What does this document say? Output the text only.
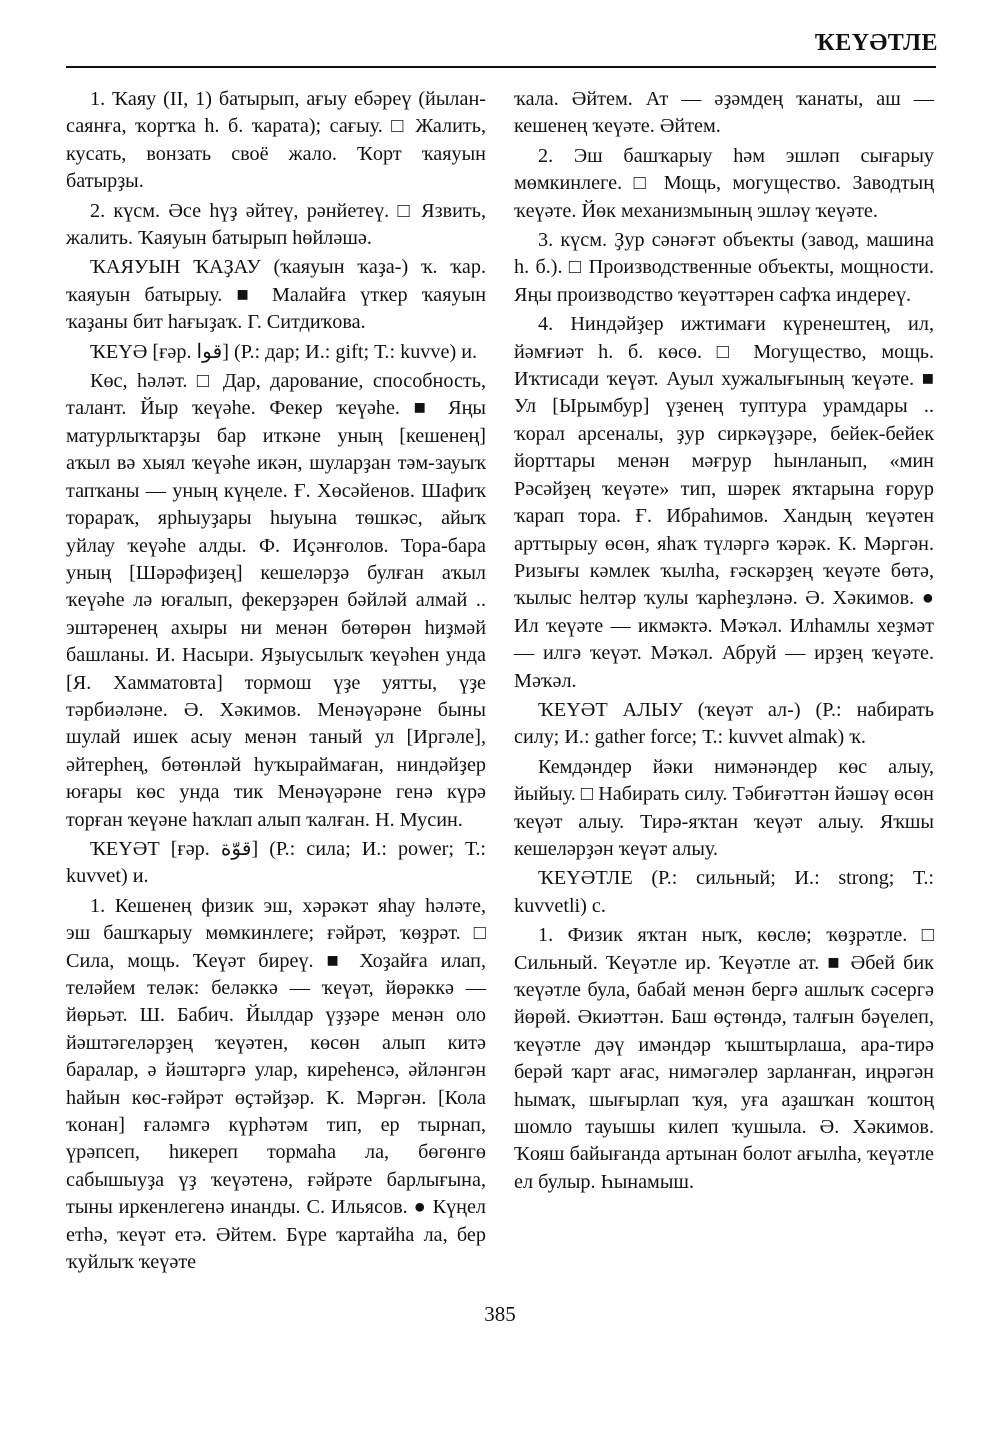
ҠЕҮӘТЛЕ

1. Ҡаяу (II, 1) батырып, ағыу ебәреү (йылан-саянға, ҡортҡа һ. б. ҡарата); сағыу. □ Жалить, кусать, вонзать своё жало. Ҡорт ҡаяуын батырҙы.

2. күсм. Әсе һүҙ әйтеү, рәнйетеү. □ Язвить, жалить. Ҡаяуын батырып һөйләшә.

ҠАЯУЫН ҠАҘАУ (ҡаяуын ҡаҙа-) ҡ. ҡар. ҡаяуын батырыу. ■ Малайға үткер ҡаяуын ҡаҙаны бит һағыҙаҡ. Г. Ситдиҡова.

ҠЕҮӘ [ғәр. قوا] (Р.: дар; И.: gift; Т.: kuvve) и.

Көс, һәләт. □ Дар, дарование, способность, талант. Йыр ҡеүәһе. Фекер ҡеүәһе. ■ Яңы матурлыҡтарҙы бар иткәне уның [кешенең] аҡыл вә хыял ҡеүәһе икән, шуларҙан тәм-зауыҡ тапҡаны — уның күңеле. Ғ. Хөсәйенов. Шафиҡ торараҡ, ярһыуҙары һыуына төшкәс, айыҡ уйлау ҡеүәһе алды. Ф. Иҫәнғолов. Тора-бара уның [Шәрәфиҙең] кешеләрҙә булған аҡыл ҡеүәһе лә юғалып, фекерҙәрен бәйләй алмай .. эштәренең ахыры ни менән бөтөрөн һиҙмәй башланы. И. Насыри. Яҙыусылыҡ ҡеүәһен унда [Я. Хамматовта] тормош үҙе уятты, үҙе тәрбиәләне. Ә. Хәкимов. Менәүәрәне быны шулай ишек асыу менән таный ул [Иргәле], әйтерһең, бөтөнләй һуҡыраймаған, ниндәйҙер юғары көс унда тик Менәүәрәне генә күрә торған ҡеүәне һаҡлап алып ҡалған. Н. Мусин.

ҠЕҮӘТ [ғәр. قوّة] (Р.: сила; И.: power; Т.: kuvvet) и.

1. Кешенең физик эш, хәрәкәт яһау һәләте, эш башҡарыу мөмкинлеге; ғәйрәт, ҡөҙрәт. □ Сила, мощь. Ҡеүәт биреү. ■ Хоҙайға илап, теләйем теләк: беләккә — ҡеүәт, йөрәккә — йөрьәт. Ш. Бабич. Йылдар үҙҙәре менән оло йәштәгеләрҙең ҡеүәтен, көсөн алып китә баралар, ә йәштәргә улар, киреһенсә, әйләнгән һайын көс-ғәйрәт өҫтәйҙәр. К. Мәргән. [Кола ҡонан] ғаләмгә күрһәтәм тип, ер тырнап, үрәпсеп, һикереп тормаһа ла, бөгөнгө сабышыуҙа үҙ ҡеүәтенә, ғәйрәте барлығына, тыны иркенлегенә инанды. С. Ильясов. ● Күңел етһә, ҡеүәт етә. Әйтем. Бүре ҡартайһа ла, бер ҡуйлыҡ ҡеүәте

ҡала. Әйтем. Ат — әҙәмдең ҡанаты, аш — кешенең ҡеүәте. Әйтем.

2. Эш башҡарыу һәм эшләп сығарыу мөмкинлеге. □ Мощь, могущество. Заводтың ҡеүәте. Йөк механизмының эшләү ҡеүәте.

3. күсм. Ҙур сәнәғәт объекты (завод, машина һ. б.). □ Производственные объекты, мощности. Яңы производство ҡеүәттәрен сафҡа индереү.

4. Ниндәйҙер ижтимағи күренештең, ил, йәмғиәт һ. б. көсө. □ Могущество, мощь. Иҡтисади ҡеүәт. Ауыл хужалығының ҡеүәте. ■ Ул [Ырымбур] үҙенең туптура урамдары .. ҡорал арсеналы, ҙур сиркәүҙәре, бейек-бейек йорттары менән мәғрур һынланып, «мин Рәсәйҙең ҡеүәте» тип, шәрек яҡтарына ғорур ҡарап тора. Ғ. Ибраһимов. Хандың ҡеүәтен арттырыу өсөн, яһаҡ түләргә ҡәрәк. К. Мәргән. Ризығы кәмлек ҡылһа, ғәскәрҙең ҡеүәте бөтә, ҡылыс һелтәр ҡулы ҡарһеҙләнә. Ә. Хәкимов. ● Ил ҡеүәте — икмәктә. Мәҡәл. Илһамлы хеҙмәт — илгә ҡеүәт. Мәҡәл. Абруй — ирҙең ҡеүәте. Мәҡәл.

ҠЕҮӘТ АЛЫУ (ҡеүәт ал-) (Р.: набирать силу; И.: gather force; Т.: kuvvet almak) ҡ.

Кемдәндер йәки нимәнәндер көс алыу, йыйыу. □ Набирать силу. Тәбиғәттән йәшәү өсөн ҡеүәт алыу. Тирә-яҡтан ҡеүәт алыу. Яҡшы кешеләрҙән ҡеүәт алыу.

ҠЕҮӘТЛЕ (Р.: сильный; И.: strong; Т.: kuvvetli) с.

1. Физик яҡтан ныҡ, көслө; ҡөҙрәтле. □ Сильный. Ҡеүәтле ир. Ҡеүәтле ат. ■ Әбей бик ҡеүәтле була, бабай менән бергә ашлыҡ сәсергә йөрөй. Әкиәттән. Баш өҫтөндә, талғын бәүелеп, ҡеүәтле дәү имәндәр ҡыштырлаша, ара-тирә берәй ҡарт ағас, нимәгәлер зарланған, иңрәгән һымаҡ, шығырлап ҡуя, уға аҙашҡан ҡоштоң шомло тауышы килеп ҡушыла. Ә. Хәкимов. Ҡояш байығанда артынан болот ағылһа, ҡеүәтле ел булыр. Һынамыш.

385
